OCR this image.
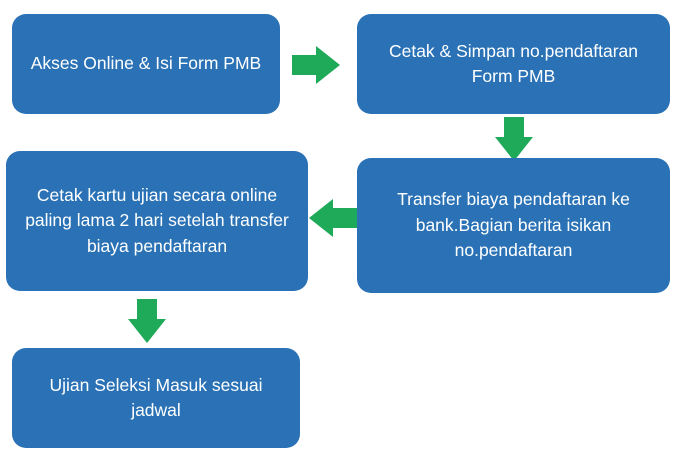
Akses Online & Isi Form PMB
Cetak & Simpan no.pendaftaran Form PMB
Transfer biaya pendaftaran ke bank.Bagian berita isikan no.pendaftaran
Cetak kartu ujian secara online paling lama 2 hari setelah transfer biaya pendaftaran
Ujian Seleksi Masuk sesuai jadwal
